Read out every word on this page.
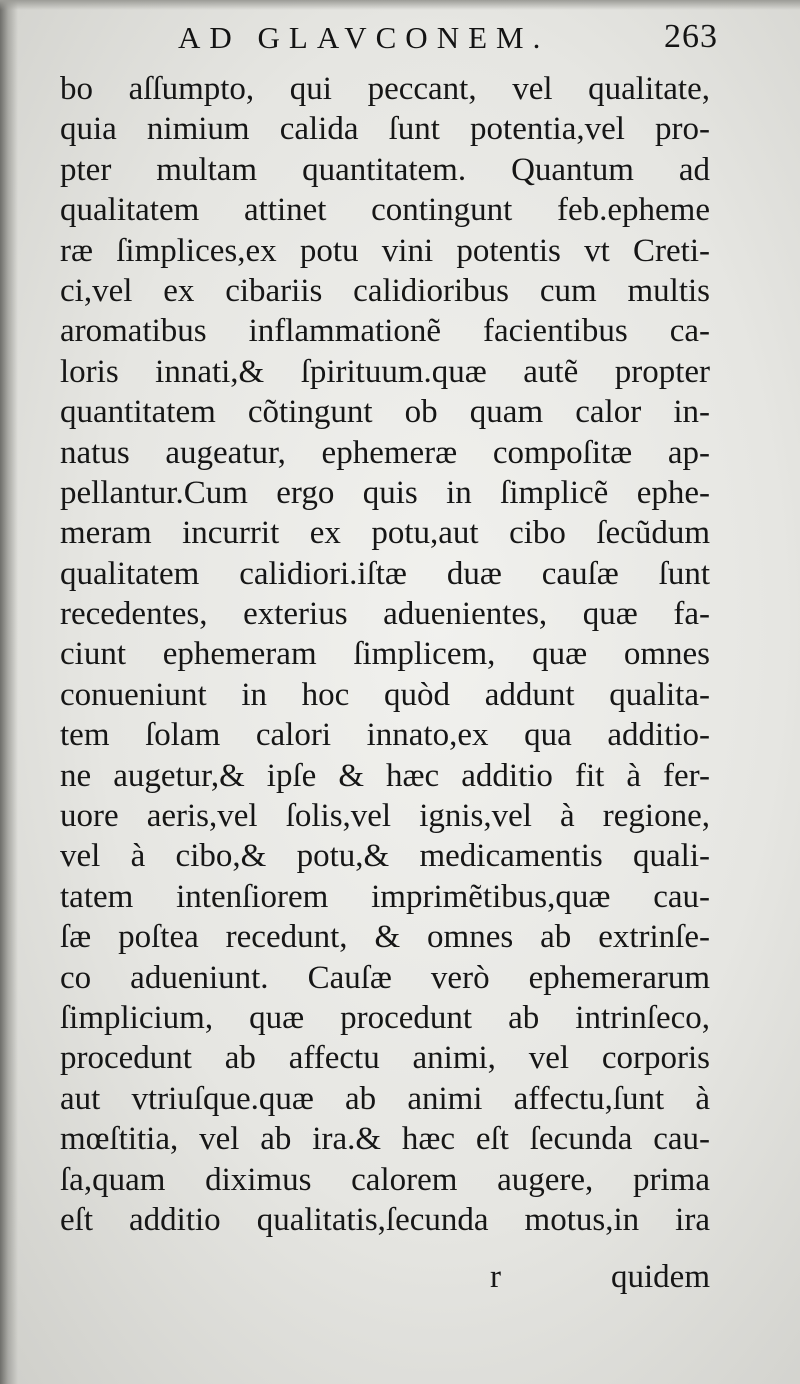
AD GLAVCONEM.	263
bo aſſumpto, qui peccant, vel qualitate,
quia nimium calida ſunt potentia,vel pro-
pter multam quantitatem. Quantum ad
qualitatem attinet contingunt feb.epheme
ræ ſimplices,ex potu vini potentis vt Creti-
ci,vel ex cibariis calidioribus cum multis
aromatibus inflammationẽ facientibus ca-
loris innati,& ſpirituum.quæ autẽ propter
quantitatem cõtingunt ob quam calor in-
natus augeatur, ephemeræ compoſitæ ap-
pellantur.Cum ergo quis in ſimplicẽ ephe-
meram incurrit ex potu,aut cibo ſecũdum
qualitatem calidiori.iſtæ duæ cauſæ ſunt
recedentes, exterius aduenientes, quæ fa-
ciunt ephemeram ſimplicem, quæ omnes
conueniunt in hoc quòd addunt qualita-
tem ſolam calori innato,ex qua additio-
ne augetur,& ipſe & hæc additio fit à fer-
uore aeris,vel ſolis,vel ignis,vel à regione,
vel à cibo,& potu,& medicamentis quali-
tatem intenſiorem imprimẽtibus,quæ cau-
ſæ poſtea recedunt, & omnes ab extrinſe-
co adueniunt. Cauſæ verò ephemerarum
ſimplicium, quæ procedunt ab intrinſeco,
procedunt ab affectu animi, vel corporis
aut vtriuſque.quæ ab animi affectu,ſunt à
mœſtitia, vel ab ira.& hæc eſt ſecunda cau-
ſa,quam diximus calorem augere, prima
eſt additio qualitatis,ſecunda motus,in ira
r	quidem
